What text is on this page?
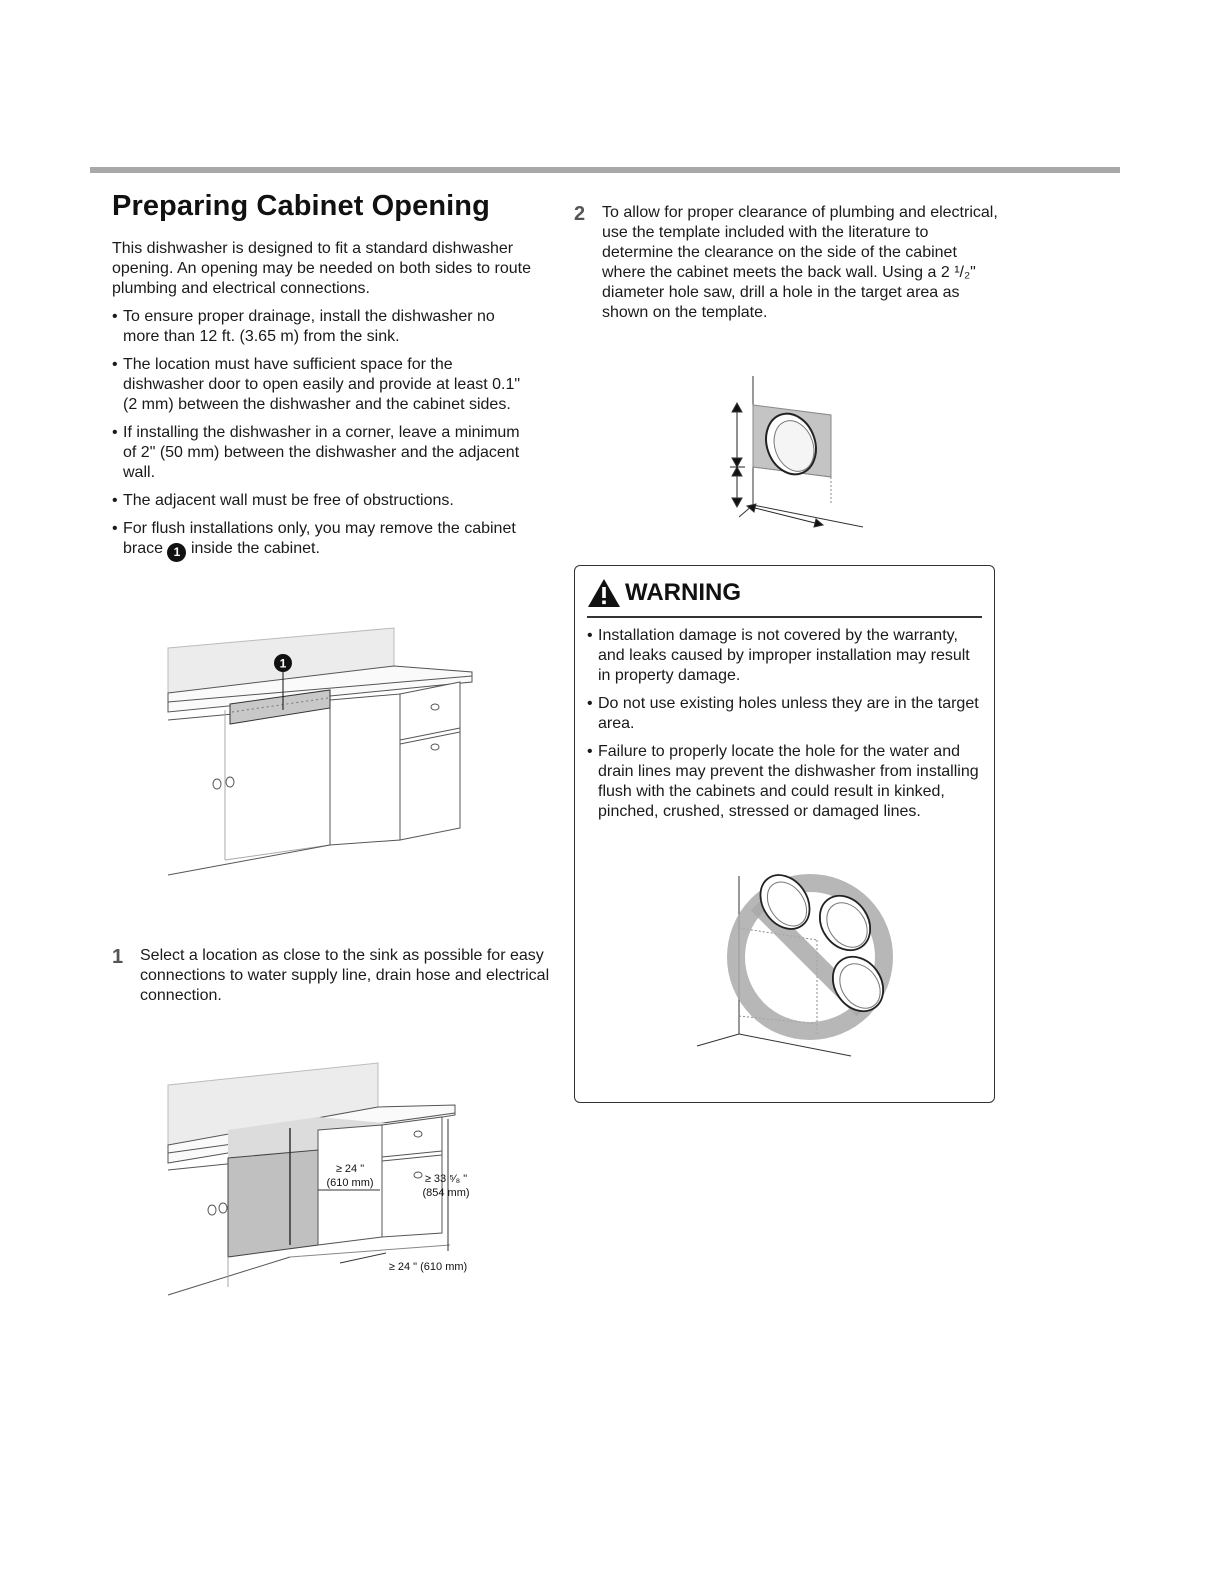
Preparing Cabinet Opening

This dishwasher is designed to fit a standard dishwasher opening. An opening may be needed on both sides to route plumbing and electrical connections.

• To ensure proper drainage, install the dishwasher no more than 12 ft. (3.65 m) from the sink.
• The location must have sufficient space for the dishwasher door to open easily and provide at least 0.1" (2 mm) between the dishwasher and the cabinet sides.
• If installing the dishwasher in a corner, leave a minimum of 2" (50 mm) between the dishwasher and the adjacent wall.
• The adjacent wall must be free of obstructions.
• For flush installations only, you may remove the cabinet brace 1 inside the cabinet.
1
1 Select a location as close to the sink as possible for easy connections to water supply line, drain hose and electrical connection.
≥ 24 "
(610 mm)	≥ 33 ⁵⁄₈ "
(854 mm)
≥ 24 " (610 mm)
2 To allow for proper clearance of plumbing and electrical, use the template included with the literature to determine the clearance on the side of the cabinet where the cabinet meets the back wall. Using a 2 ¹/₂" diameter hole saw, drill a hole in the target area as shown on the template.
WARNING
• Installation damage is not covered by the warranty, and leaks caused by improper installation may result in property damage.
• Do not use existing holes unless they are in the target area.
• Failure to properly locate the hole for the water and drain lines may prevent the dishwasher from installing flush with the cabinets and could result in kinked, pinched, crushed, stressed or damaged lines.
